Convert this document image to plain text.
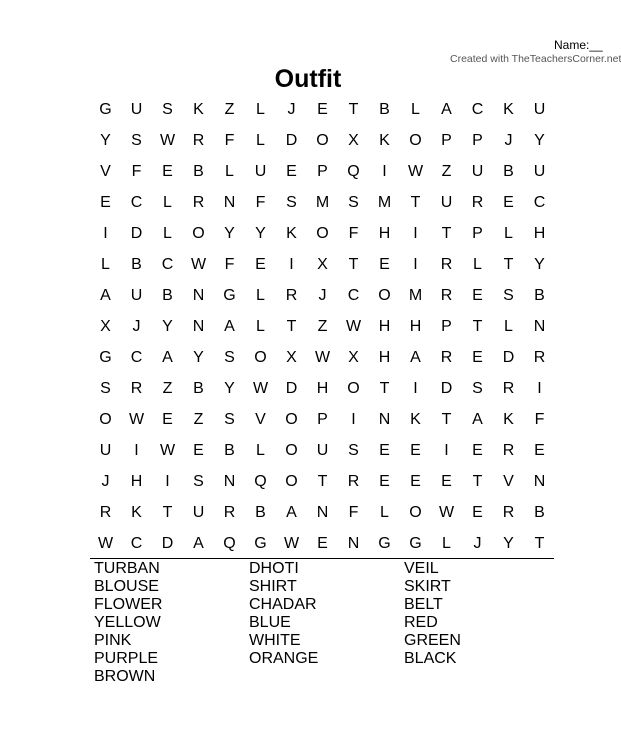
Name:__
Created with TheTeachersCorner.net
Outfit
G	U	S	K	Z	L	J	E	T	B	L	A	C	K	U
Y	S	W	R	F	L	D	O	X	K	O	P	P	J	Y
V	F	E	B	L	U	E	P	Q	I	W	Z	U	B	U
E	C	L	R	N	F	S	M	S	M	T	U	R	E	C
I	D	L	O	Y	Y	K	O	F	H	I	T	P	L	H
L	B	C	W	F	E	I	X	T	E	I	R	L	T	Y
A	U	B	N	G	L	R	J	C	O	M	R	E	S	B
X	J	Y	N	A	L	T	Z	W	H	H	P	T	L	N
G	C	A	Y	S	O	X	W	X	H	A	R	E	D	R
S	R	Z	B	Y	W	D	H	O	T	I	D	S	R	I
O	W	E	Z	S	V	O	P	I	N	K	T	A	K	F
U	I	W	E	B	L	O	U	S	E	E	I	E	R	E
J	H	I	S	N	Q	O	T	R	E	E	E	T	V	N
R	K	T	U	R	B	A	N	F	L	O	W	E	R	B
W	C	D	A	Q	G	W	E	N	G	G	L	J	Y	T
TURBAN	DHOTI	VEIL
BLOUSE	SHIRT	SKIRT
FLOWER	CHADAR	BELT
YELLOW	BLUE	RED
PINK	WHITE	GREEN
PURPLE	ORANGE	BLACK
BROWN
